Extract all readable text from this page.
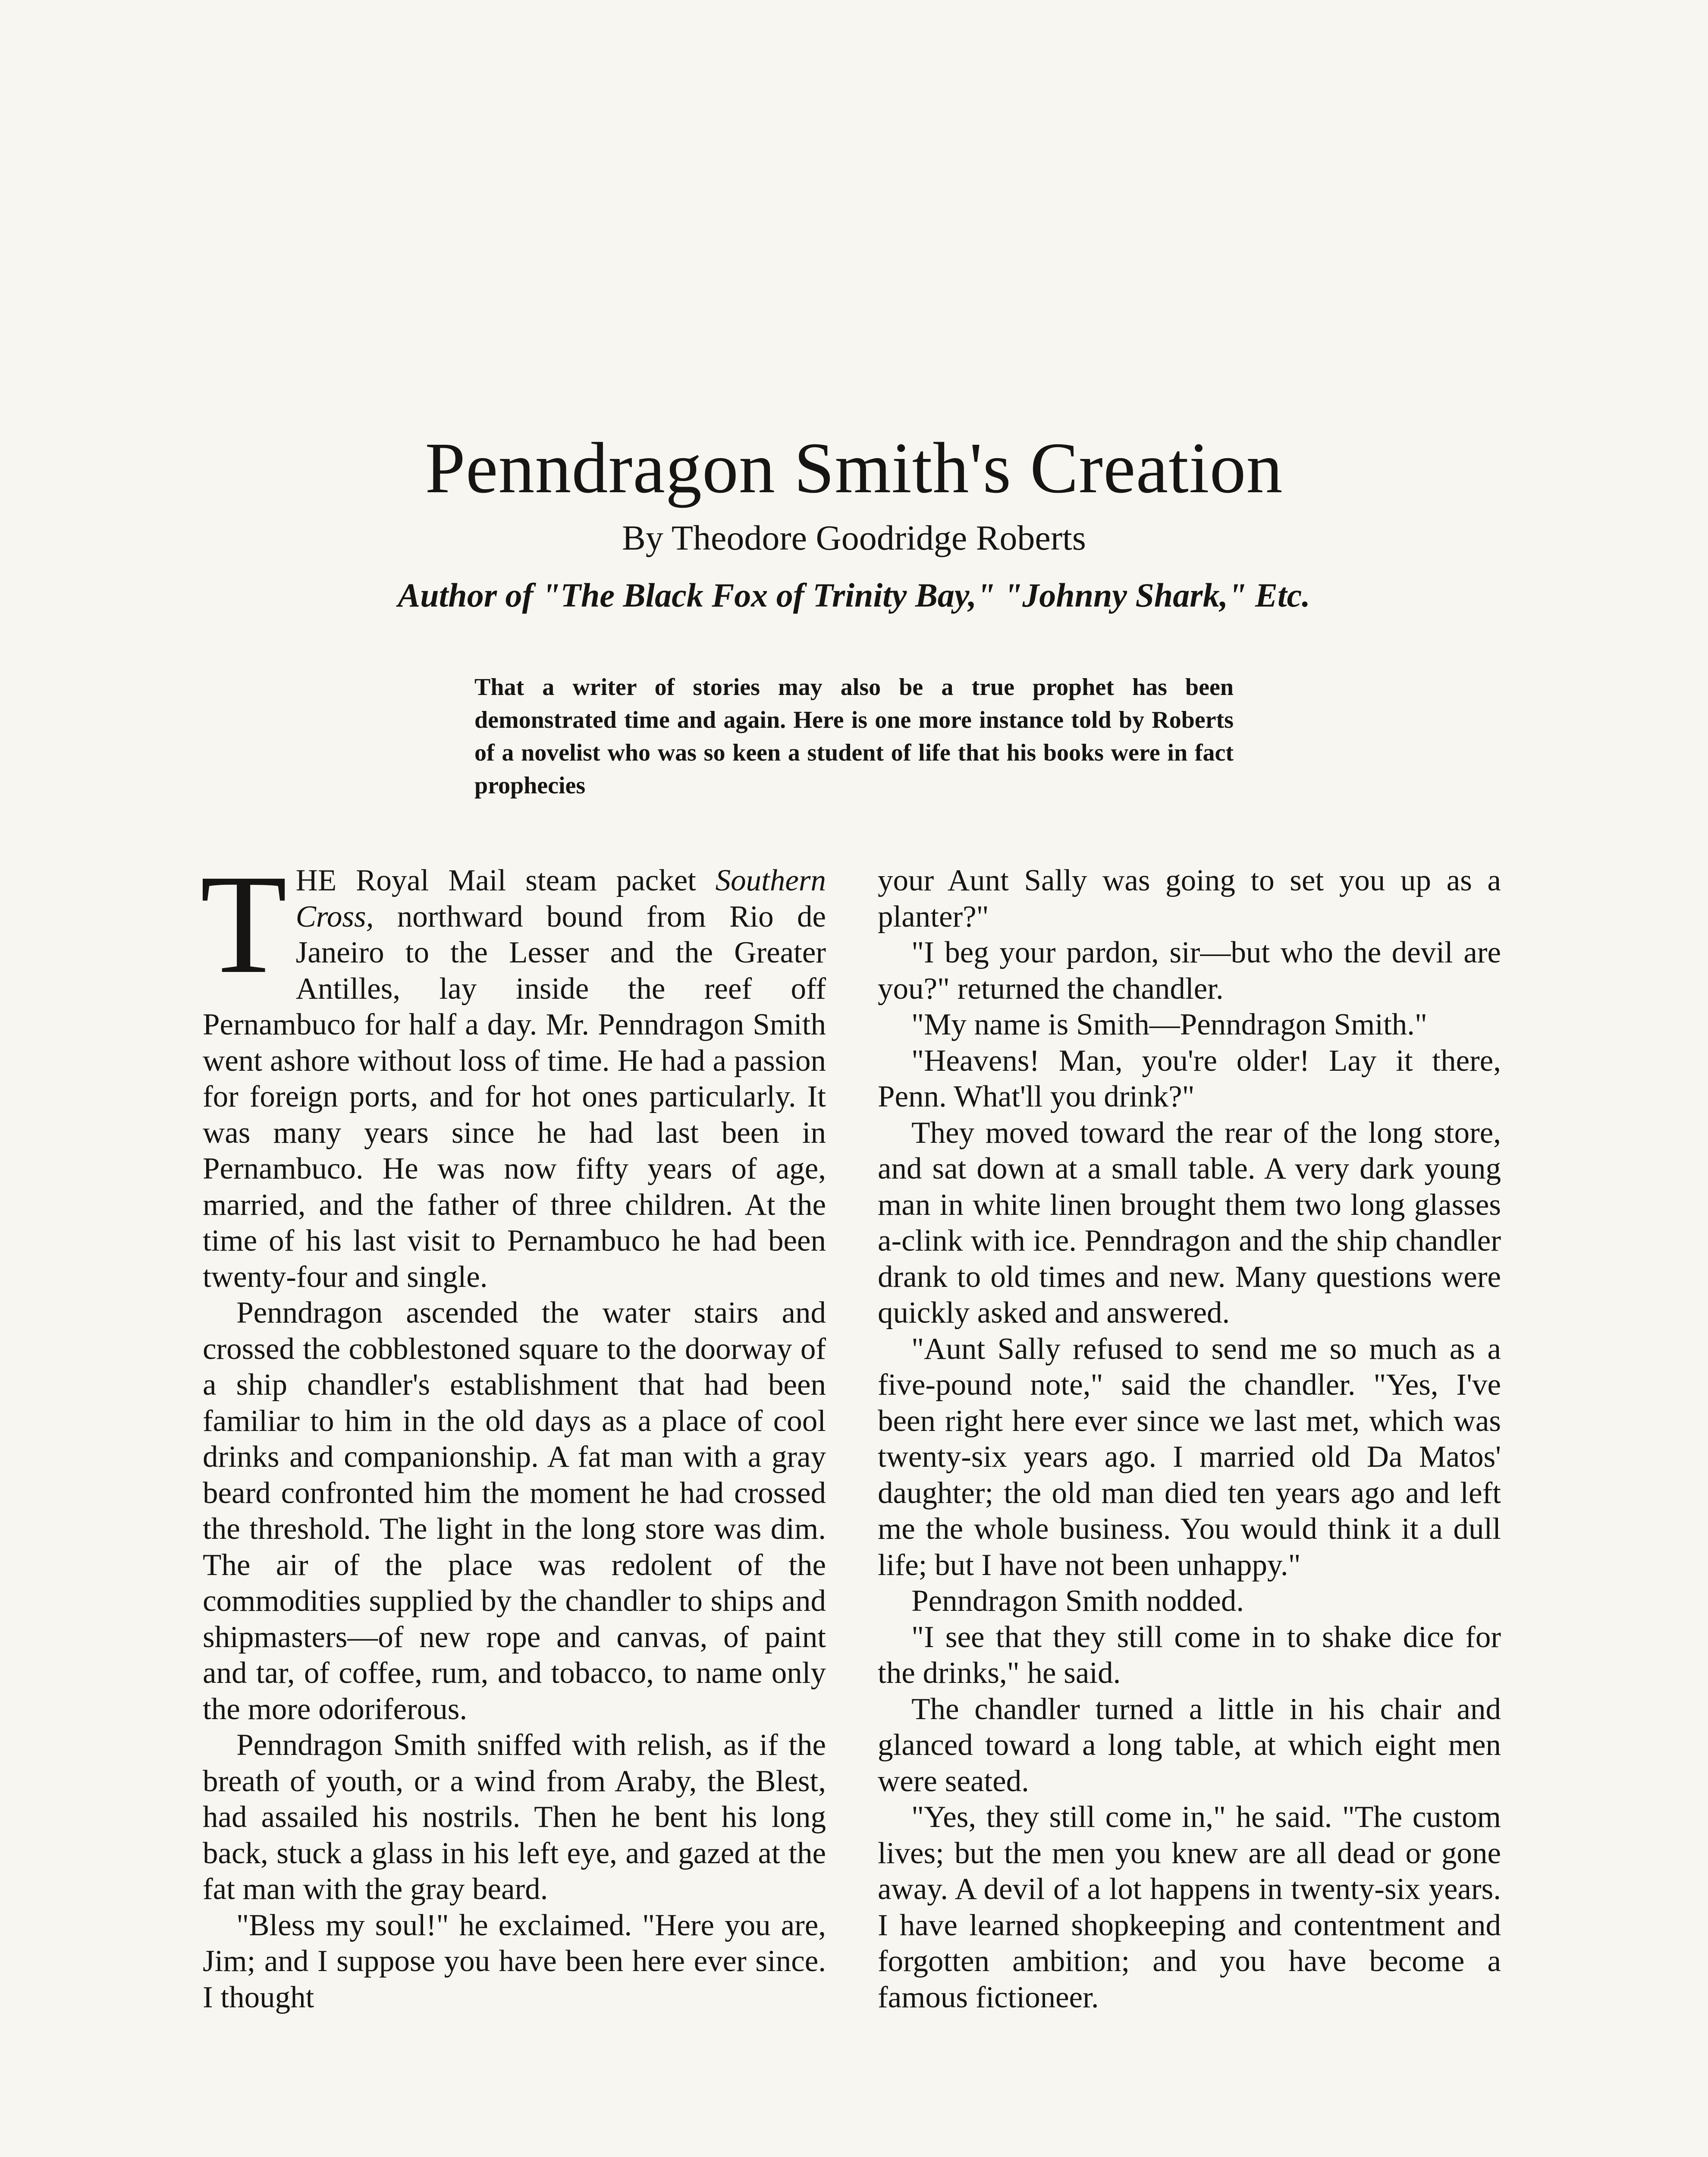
Penndragon Smith's Creation
By Theodore Goodridge Roberts
Author of "The Black Fox of Trinity Bay," "Johnny Shark," Etc.
That a writer of stories may also be a true prophet has been demonstrated time and again. Here is one more instance told by Roberts of a novelist who was so keen a student of life that his books were in fact prophecies

THE Royal Mail steam packet Southern Cross, northward bound from Rio de Janeiro to the Lesser and the Greater Antilles, lay inside the reef off Pernambuco for half a day. Mr. Penndragon Smith went ashore without loss of time. He had a passion for foreign ports, and for hot ones particularly. It was many years since he had last been in Pernambuco. He was now fifty years of age, married, and the father of three children. At the time of his last visit to Pernambuco he had been twenty-four and single.

Penndragon ascended the water stairs and crossed the cobblestoned square to the doorway of a ship chandler's establishment that had been familiar to him in the old days as a place of cool drinks and companionship. A fat man with a gray beard confronted him the moment he had crossed the threshold. The light in the long store was dim. The air of the place was redolent of the commodities supplied by the chandler to ships and shipmasters—of new rope and canvas, of paint and tar, of coffee, rum, and tobacco, to name only the more odoriferous.

Penndragon Smith sniffed with relish, as if the breath of youth, or a wind from Araby, the Blest, had assailed his nostrils. Then he bent his long back, stuck a glass in his left eye, and gazed at the fat man with the gray beard.

"Bless my soul!" he exclaimed. "Here you are, Jim; and I suppose you have been here ever since. I thought

your Aunt Sally was going to set you up as a planter?"

"I beg your pardon, sir—but who the devil are you?" returned the chandler.

"My name is Smith—Penndragon Smith."

"Heavens! Man, you're older! Lay it there, Penn. What'll you drink?"

They moved toward the rear of the long store, and sat down at a small table. A very dark young man in white linen brought them two long glasses a-clink with ice. Penndragon and the ship chandler drank to old times and new. Many questions were quickly asked and answered.

"Aunt Sally refused to send me so much as a five-pound note," said the chandler. "Yes, I've been right here ever since we last met, which was twenty-six years ago. I married old Da Matos' daughter; the old man died ten years ago and left me the whole business. You would think it a dull life; but I have not been unhappy."

Penndragon Smith nodded.

"I see that they still come in to shake dice for the drinks," he said.

The chandler turned a little in his chair and glanced toward a long table, at which eight men were seated.

"Yes, they still come in," he said. "The custom lives; but the men you knew are all dead or gone away. A devil of a lot happens in twenty-six years. I have learned shopkeeping and contentment and forgotten ambition; and you have become a famous fictioneer.
